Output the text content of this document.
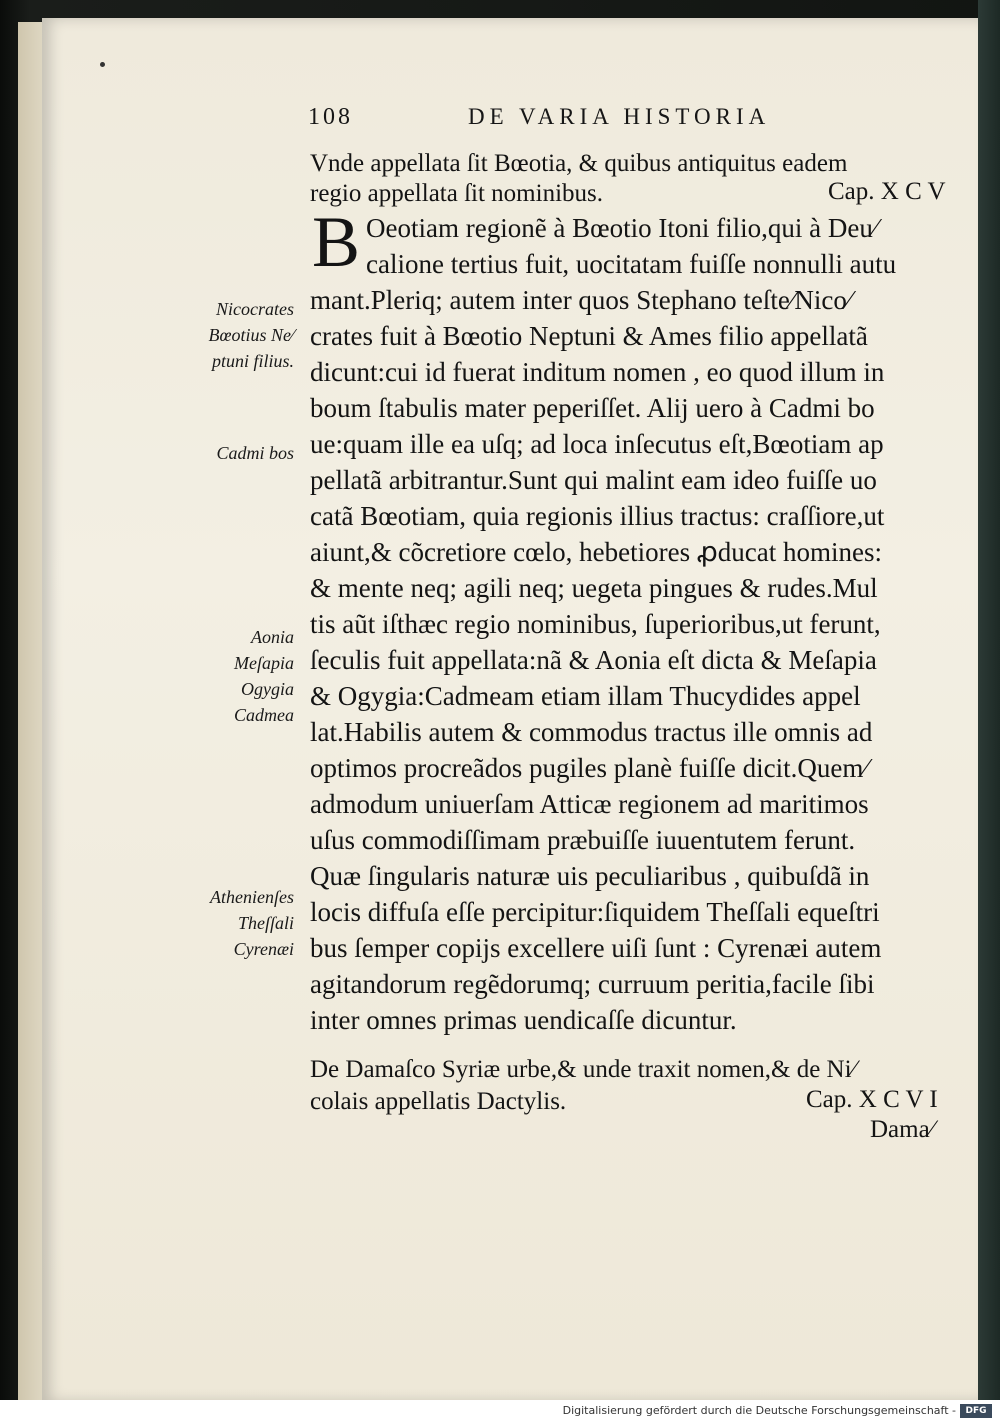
108	DE VARIA HISTORIA
Vnde appellata ſit Bœotia, & quibus antiquitus eadem
regio appellata ſit nominibus.	Cap. X C V
B Oeotiam regionẽ à Bœotio Itoni filio,qui à Deu⁄
calione tertius fuit, uocitatam fuiſſe nonnulli autu
mant.Pleriq; autem inter quos Stephano teſte⁄Nico⁄
crates fuit à Bœotio Neptuni & Ames filio appellatã
dicunt:cui id fuerat inditum nomen , eo quod illum in
boum ſtabulis mater peperiſſet. Alij uero à Cadmi bo
ue:quam ille ea uſq; ad loca inſecutus eſt,Bœotiam ap
pellatã arbitrantur.Sunt qui malint eam ideo fuiſſe uo
catã Bœotiam, quia regionis illius tractus: craſſiore,ut
aiunt,& cõcretiore cœlo, hebetiores ꝓducat homines:
& mente neq; agili neq; uegeta pingues & rudes.Mul
tis aũt iſthæc regio nominibus, ſuperioribus,ut ferunt,
ſeculis fuit appellata:nã & Aonia eſt dicta & Meſapia
& Ogygia:Cadmeam etiam illam Thucydides appel
lat.Habilis autem & commodus tractus ille omnis ad
optimos procreãdos pugiles planè fuiſſe dicit.Quem⁄
admodum uniuerſam Atticæ regionem ad maritimos
uſus commodiſſimam præbuiſſe iuuentutem ferunt.
Quæ ſingularis naturæ uis peculiaribus , quibuſdã in
locis diffuſa eſſe percipitur:ſiquidem Theſſali equeſtri
bus ſemper copijs excellere uiſi ſunt : Cyrenæi autem
agitandorum regẽdorumq; curruum peritia,facile ſibi
inter omnes primas uendicaſſe dicuntur.
De Damaſco Syriæ urbe,& unde traxit nomen,& de Ni⁄
colais appellatis Dactylis.	Cap. X C V I
Dama⁄
Nicocrates
Bœotius Ne⁄
ptuni filius.
Cadmi bos
Aonia
Meſapia
Ogygia
Cadmea
Athenienſes
Theſſali
Cyrenæi
Digitalisierung gefördert durch die Deutsche Forschungsgemeinschaft -	DFG
